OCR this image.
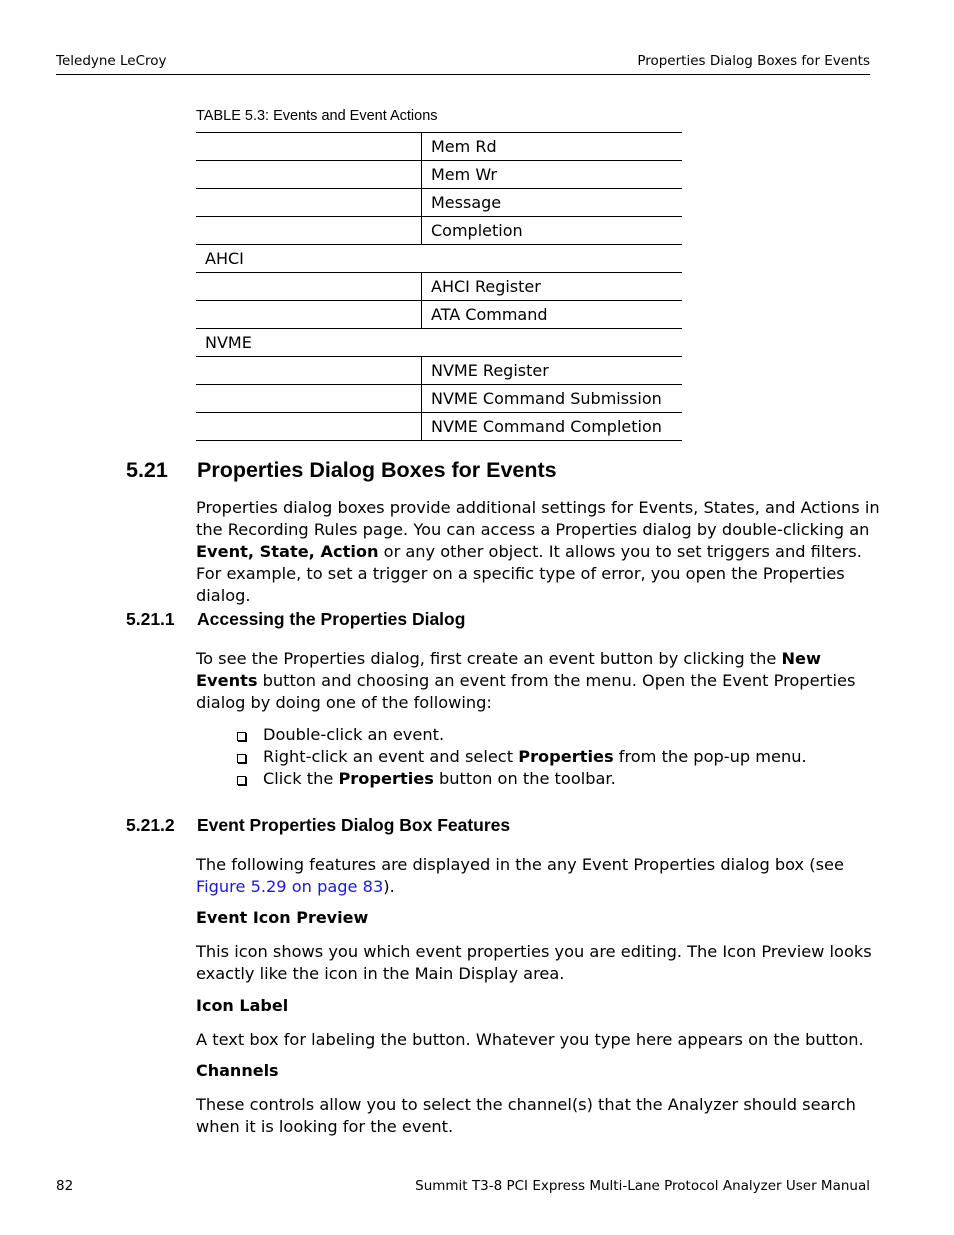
Teledyne LeCroy	Properties Dialog Boxes for Events
TABLE 5.3: Events and Event Actions
	Mem Rd
	Mem Wr
	Message
	Completion
AHCI	
	AHCI Register
	ATA Command
NVME	
	NVME Register
	NVME Command Submission
	NVME Command Completion
5.21 Properties Dialog Boxes for Events

Properties dialog boxes provide additional settings for Events, States, and Actions in the Recording Rules page. You can access a Properties dialog by double-clicking an Event, State, Action or any other object. It allows you to set triggers and filters. For example, to set a trigger on a specific type of error, you open the Properties dialog.

5.21.1 Accessing the Properties Dialog

To see the Properties dialog, first create an event button by clicking the New Events button and choosing an event from the menu. Open the Event Properties dialog by doing one of the following:

Double-click an event.
Right-click an event and select Properties from the pop-up menu.
Click the Properties button on the toolbar.
5.21.2 Event Properties Dialog Box Features

The following features are displayed in the any Event Properties dialog box (see Figure 5.29 on page 83).

Event Icon Preview

This icon shows you which event properties you are editing. The Icon Preview looks exactly like the icon in the Main Display area.

Icon Label

A text box for labeling the button. Whatever you type here appears on the button.

Channels

These controls allow you to select the channel(s) that the Analyzer should search when it is looking for the event.

82	Summit T3-8 PCI Express Multi-Lane Protocol Analyzer User Manual
